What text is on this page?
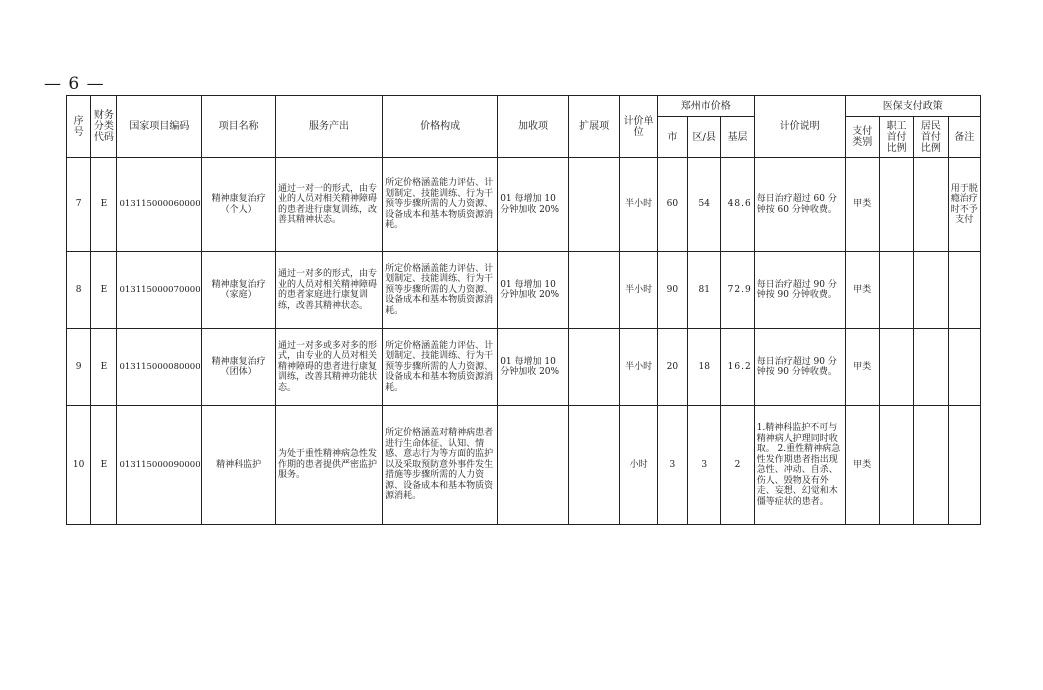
— 6 —
序号	财务分类代码	国家项目编码	项目名称	服务产出	价格构成	加收项	扩展项	计价单位	郑州市价格			计价说明	医保支付政策			
									市	区/县	基层		支付类别	职工首付比例	居民首付比例	备注
7	E	013115000060000	精神康复治疗（个人）	通过一对一的形式，由专业的人员对相关精神障碍的患者进行康复训练，改善其精神状态。	所定价格涵盖能力评估、计划制定、技能训练、行为干预等步骤所需的人力资源、设备成本和基本物质资源消耗。	01 每增加 10 分钟加收 20%		半小时	60	54	48.6	每日治疗超过 60 分钟按 60 分钟收费。	甲类			用于脱瘾治疗时不予支付
8	E	013115000070000	精神康复治疗（家庭）	通过一对多的形式，由专业的人员对相关精神障碍的患者家庭进行康复训练，改善其精神状态。	所定价格涵盖能力评估、计划制定、技能训练、行为干预等步骤所需的人力资源、设备成本和基本物质资源消耗。	01 每增加 10 分钟加收 20%		半小时	90	81	72.9	每日治疗超过 90 分钟按 90 分钟收费。	甲类			
9	E	013115000080000	精神康复治疗（团体）	通过一对多或多对多的形式，由专业的人员对相关精神障碍的患者进行康复训练，改善其精神功能状态。	所定价格涵盖能力评估、计划制定、技能训练、行为干预等步骤所需的人力资源、设备成本和基本物质资源消耗。	01 每增加 10 分钟加收 20%		半小时	20	18	16.2	每日治疗超过 90 分钟按 90 分钟收费。	甲类			
10	E	013115000090000	精神科监护	为处于重性精神病急性发作期的患者提供严密监护服务。	所定价格涵盖对精神病患者进行生命体征、认知、情感、意志行为等方面的监护以及采取预防意外事件发生措施等步骤所需的人力资源、设备成本和基本物质资源消耗。			小时	3	3	2	1.精神科监护不可与精神病人护理同时收取。 2.重性精神病急性发作期患者指出现急性、冲动、自杀、伤人、毁物及有外走、妄想、幻觉和木僵等症状的患者。	甲类			
